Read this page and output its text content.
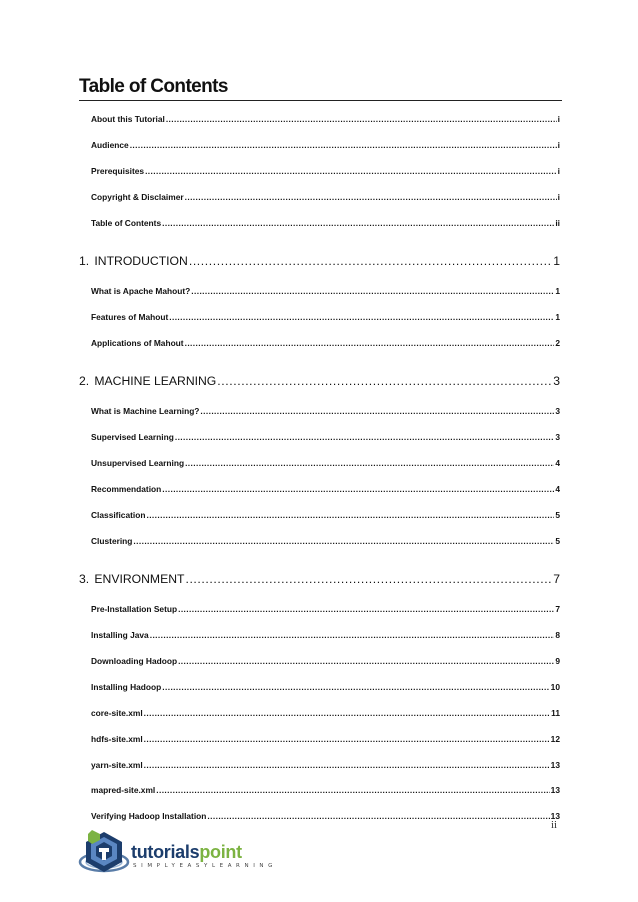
Table of Contents
About this Tutorial .....	i
Audience .....	i
Prerequisites .....	i
Copyright & Disclaimer .....	i
Table of Contents .....	ii
1. INTRODUCTION .....	1
What is Apache Mahout? .....	1
Features of Mahout .....	1
Applications of Mahout .....	2
2. MACHINE LEARNING .....	3
What is Machine Learning? .....	3
Supervised Learning .....	3
Unsupervised Learning .....	4
Recommendation .....	4
Classification .....	5
Clustering .....	5
3. ENVIRONMENT .....	7
Pre-Installation Setup .....	7
Installing Java .....	8
Downloading Hadoop .....	9
Installing Hadoop .....	10
core-site.xml .....	11
hdfs-site.xml .....	12
yarn-site.xml .....	13
mapred-site.xml .....	13
Verifying Hadoop Installation .....	13
ii
tutorialspoint
SIMPLYEASYLEARNING
